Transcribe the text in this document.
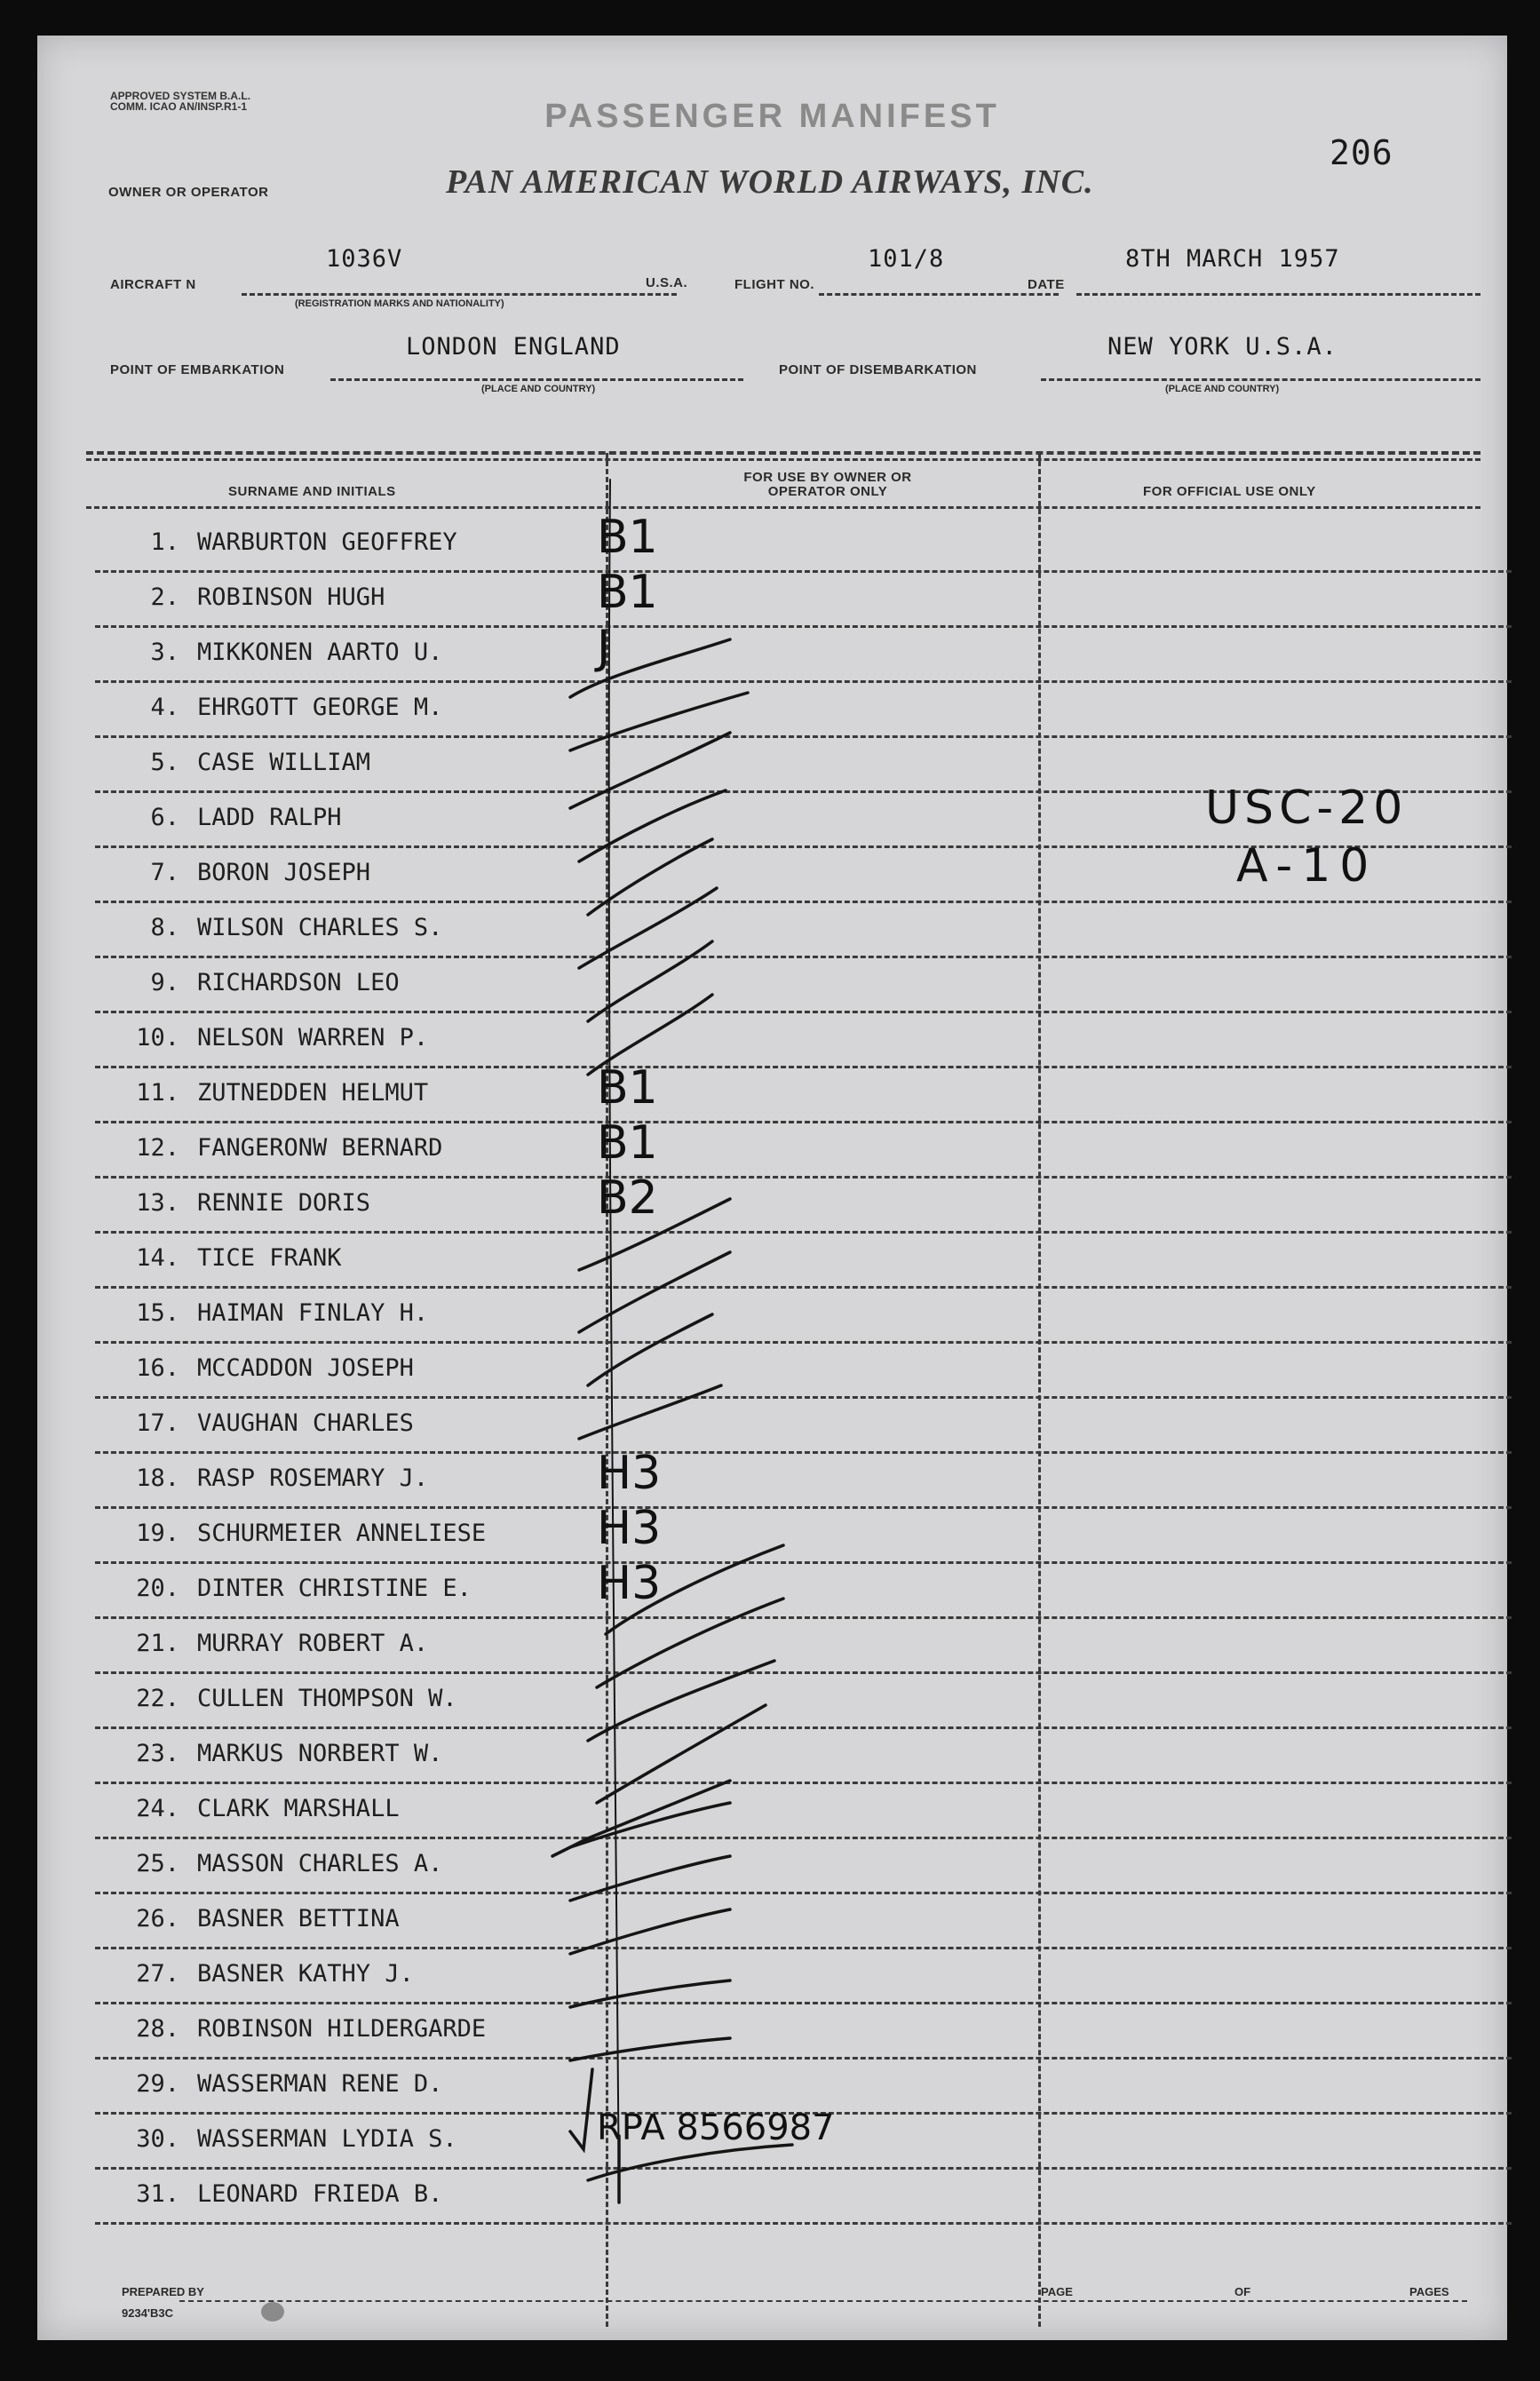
APPROVED SYSTEM B.A.L. COMM. ICAO AN/INSP.R1-1	PASSENGER MANIFEST
206
OWNER OR OPERATOR	PAN AMERICAN WORLD AIRWAYS, INC.
AIRCRAFT N
1036V
(REGISTRATION MARKS AND NATIONALITY)
U.S.A.	FLIGHT NO.
101/8
DATE
8TH MARCH 1957
POINT OF EMBARKATION
LONDON ENGLAND
(PLACE AND COUNTRY)
POINT OF DISEMBARKATION
NEW YORK U.S.A.
(PLACE AND COUNTRY)
SURNAME AND INITIALS
FOR USE BY OWNER OR OPERATOR ONLY	FOR OFFICIAL USE ONLY
1. WARBURTON GEOFFREY	B1
2. ROBINSON HUGH	B1
3. MIKKONEN AARTO U.	J
4. EHRGOTT GEORGE M.
5. CASE WILLIAM
6. LADD RALPH
7. BORON JOSEPH
8. WILSON CHARLES S.
9. RICHARDSON LEO
10. NELSON WARREN P.
11. ZUTNEDDEN HELMUT	B1
12. FANGERONW BERNARD	B1
13. RENNIE DORIS	B2
14. TICE FRANK
15. HAIMAN FINLAY H.
16. MCCADDON JOSEPH
17. VAUGHAN CHARLES
18. RASP ROSEMARY J.	H3
19. SCHURMEIER ANNELIESE H3
20. DINTER CHRISTINE E.	H3
21. MURRAY ROBERT A.
22. CULLEN THOMPSON W.
23. MARKUS NORBERT W.
24. CLARK MARSHALL
25. MASSON CHARLES A.
26. BASNER BETTINA
27. BASNER KATHY J.
28. ROBINSON HILDERGARDE
29. WASSERMAN RENE D.
30. WASSERMAN LYDIA S.	RPA 8566987
31. LEONARD FRIEDA B.
USC-20
A-10
PREPARED BY
9234'B3C
PAGE	OF	PAGES
